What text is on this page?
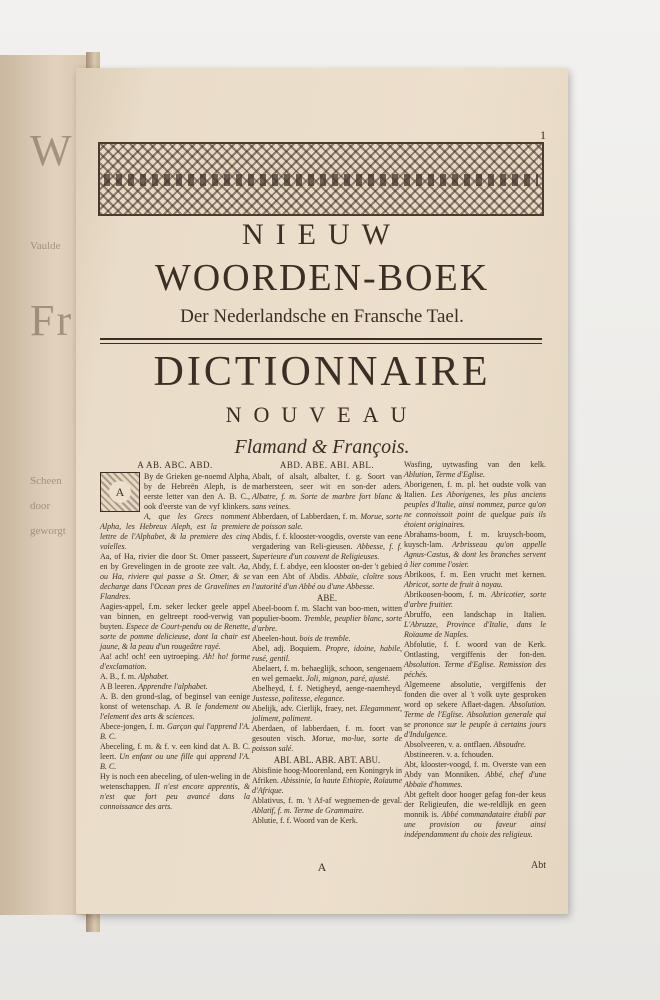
W
Vaulde
Fr
Scheen
door
geworgt
1
NIEUW
WOORDEN-BOEK
Der Nederlandsche en Fransche Tael.
DICTIONNAIRE
NOUVEAU
Flamand & François.
A AB. ABC. ABD.
A

By de Grieken ge-noemd Alpha, by de Hebreën Aleph, is de eerste letter van den A. B. C., ook d'eerste van de vyf klinkers. A, que les Grecs nomment Alpha, les Hebreux Aleph, est la premiere lettre de l'Alphabet, & la premiere des cinq voïelles.

Aa, of Ha, rivier die door St. Omer passeert, en by Grevelingen in de groote zee valt. Aa, ou Ha, riviere qui passe a St. Omer, & se decharge dans l'Ocean pres de Gravelines en Flandres.

Aagies-appel, f.m. seker lecker geele appel van binnen, en geltreept rood-verwig van buyten. Espece de Court-pendu ou de Renette, sorte de pomme delicieuse, dont la chair est jaune, & la peau d'un rougeâtre rayé.

Aa! ach! och! een uytroeping. Ah! ho! forme d'exclamation.

A. B., f. m. Alphabet.

A B leeren. Apprendre l'alphabet.

A. B. den grond-slag, of beginsel van eenige konst of wetenschap. A. B. le fondement ou l'element des arts & sciences.

Abece-jongen, f. m. Garçon qui l'apprend l'A. B. C.

Abeceling, f. m. & f. v. een kind dat A. B. C. leert. Un enfant ou une fille qui apprend l'A. B. C.

Hy is noch een abeceling, of ulen-weling in de wetenschappen. Il n'est encore apprentis, & n'est que fort peu avancé dans la connoissance des arts.

ABD. ABE. ABI. ABL.

Abalt, of alsalt, albalter, f. g. Soort van marbersteen, seer wit en son-der aders. Albatre, f. m. Sorte de marbre fort blanc & sans veines.

Abberdaen, of Labberdaen, f. m. Morue, sorte de poisson sale.

Abdis, f. f. klooster-voogdis, overste van eene vergadering van Reli-gieusen. Abbesse, f. f. Superieure d'un couvent de Religieuses.

Abdy, f. f. abdye, een klooster on-der 't gebied van een Abt of Abdis. Abbaïe, cloître sous l'autorité d'un Abbé ou d'une Abbesse.

ABE.

Abeel-boom f. m. Slacht van boo-men, witten populier-boom. Tremble, peuplier blanc, sorte d'arbre.

Abeelen-hout. bois de tremble.

Abel, adj. Boquiem. Propre, idoine, habile, rusé, gentil.

Abelaert, f. m. behaeglijk, schoon, sengenaem en wel gemaekt. Joli, mignon, paré, ajusté.

Abelheyd, f. f. Netigheyd, aenge-naemheyd. Justesse, politesse, elegance.

Abelijk, adv. Cierlijk, fraey, net. Elegamment, joliment, poliment.

Aberdaen, of labberdaen, f. m. foort van gesouten visch. Morue, mo-lue, sorte de poisson salé.

ABI. ABL. ABR. ABT. ABU.

Abisfinie hoog-Moorenland, een Koningryk in Afriken. Abissinie, la haute Ethiopie, Roïaume d'Afrique.

Ablativus, f. m. 't Af-af wegnemen-de geval. Ablatif, f. m. Terme de Grammaire.

Ablutie, f. f. Woord van de Kerk.

Wasfing, uytwasfing van den kelk. Ablution, Terme d'Eglise.

Aborigenen, f. m. pl. het oudste volk van Italien. Les Aborigenes, les plus anciens peuples d'Italie, ainsi nommez, parce qu'on ne connoissoit point de quelque pais ils étoient originaires.

Abrahams-boom, f. m. kruysch-boom, kuysch-lam. Arbrisseau qu'on appelle Agnus-Castus, & dont les branches servent à lier comme l'osier.

Abrikoos, f. m. Een vrucht met kernen. Abricot, sorte de fruit à noyau.

Abrikoosen-boom, f. m. Abricotier, sorte d'arbre fruitier.

Abruffo, een landschap in Italien. L'Abruzze, Province d'Italie, dans le Roïaume de Naples.

Abfolutie, f. f. woord van de Kerk. Ontlasting, vergiffenis der fon-den. Absolution. Terme d'Eglise. Remission des péchés.

Algemeene absolutie, vergiffenis der fonden die over al 't volk uyte gesproken word op sekere Aflaet-dagen. Absolution. Terme de l'Eglise. Absolution generale qui se prononce sur le peuple à certains jours d'Indulgence.

Absolveeren, v. a. ontflaen. Absoudre.

Abstineeren. v. a. fchouden.

Abt, klooster-voogd, f. m. Overste van een Abdy van Monniken. Abbé, chef d'une Abbaïe d'hommes.

Abt geftelt door hooger gefag fon-der keus der Religieufen, die we-reldlijk en geen monnik is. Abbé commandataire établi par une provision ou faveur ainsi indépendamment du choix des religieux.

A	Abt
